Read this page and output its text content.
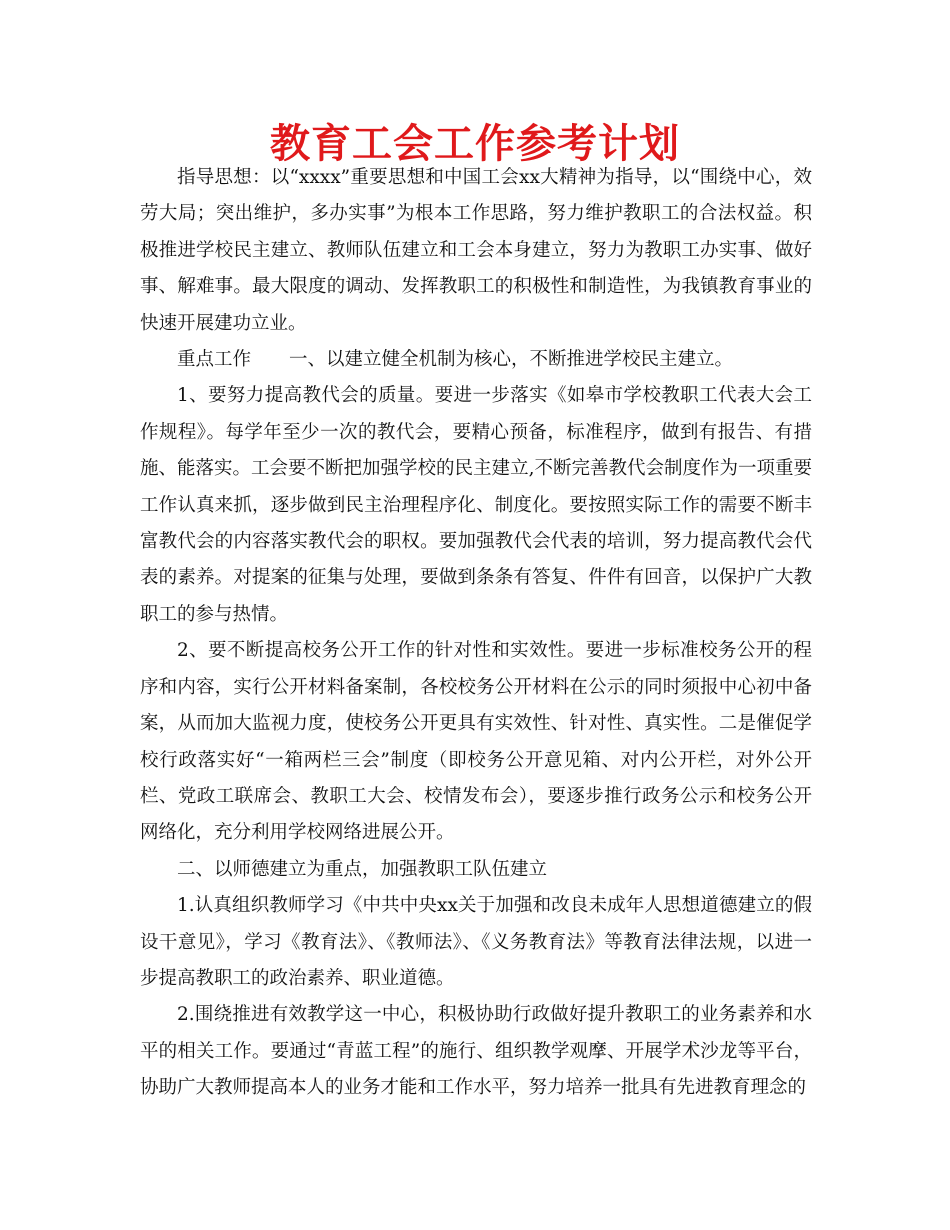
教育工会工作参考计划

指导思想：以“xxxx”重要思想和中国工会xx大精神为指导，以“围绕中心，效劳大局；突出维护，多办实事”为根本工作思路，努力维护教职工的合法权益。积极推进学校民主建立、教师队伍建立和工会本身建立，努力为教职工办实事、做好事、解难事。最大限度的调动、发挥教职工的积极性和制造性，为我镇教育事业的快速开展建功立业。

重点工作 一、以建立健全机制为核心，不断推进学校民主建立。

1、要努力提高教代会的质量。要进一步落实《如皋市学校教职工代表大会工作规程》。每学年至少一次的教代会，要精心预备，标准程序，做到有报告、有措施、能落实。工会要不断把加强学校的民主建立,不断完善教代会制度作为一项重要工作认真来抓，逐步做到民主治理程序化、制度化。要按照实际工作的需要不断丰富教代会的内容落实教代会的职权。要加强教代会代表的培训，努力提高教代会代表的素养。对提案的征集与处理，要做到条条有答复、件件有回音，以保护广大教职工的参与热情。

2、要不断提高校务公开工作的针对性和实效性。要进一步标准校务公开的程序和内容，实行公开材料备案制，各校校务公开材料在公示的同时须报中心初中备案，从而加大监视力度，使校务公开更具有实效性、针对性、真实性。二是催促学校行政落实好“一箱两栏三会”制度（即校务公开意见箱、对内公开栏，对外公开栏、党政工联席会、教职工大会、校情发布会），要逐步推行政务公示和校务公开网络化，充分利用学校网络进展公开。

二、以师德建立为重点，加强教职工队伍建立

1.认真组织教师学习《中共中央xx关于加强和改良未成年人思想道德建立的假设干意见》，学习《教育法》、《教师法》、《义务教育法》等教育法律法规，以进一步提高教职工的政治素养、职业道德。

2.围绕推进有效教学这一中心，积极协助行政做好提升教职工的业务素养和水平的相关工作。要通过“青蓝工程”的施行、组织教学观摩、开展学术沙龙等平台，协助广大教师提高本人的业务才能和工作水平，努力培养一批具有先进教育理念的
